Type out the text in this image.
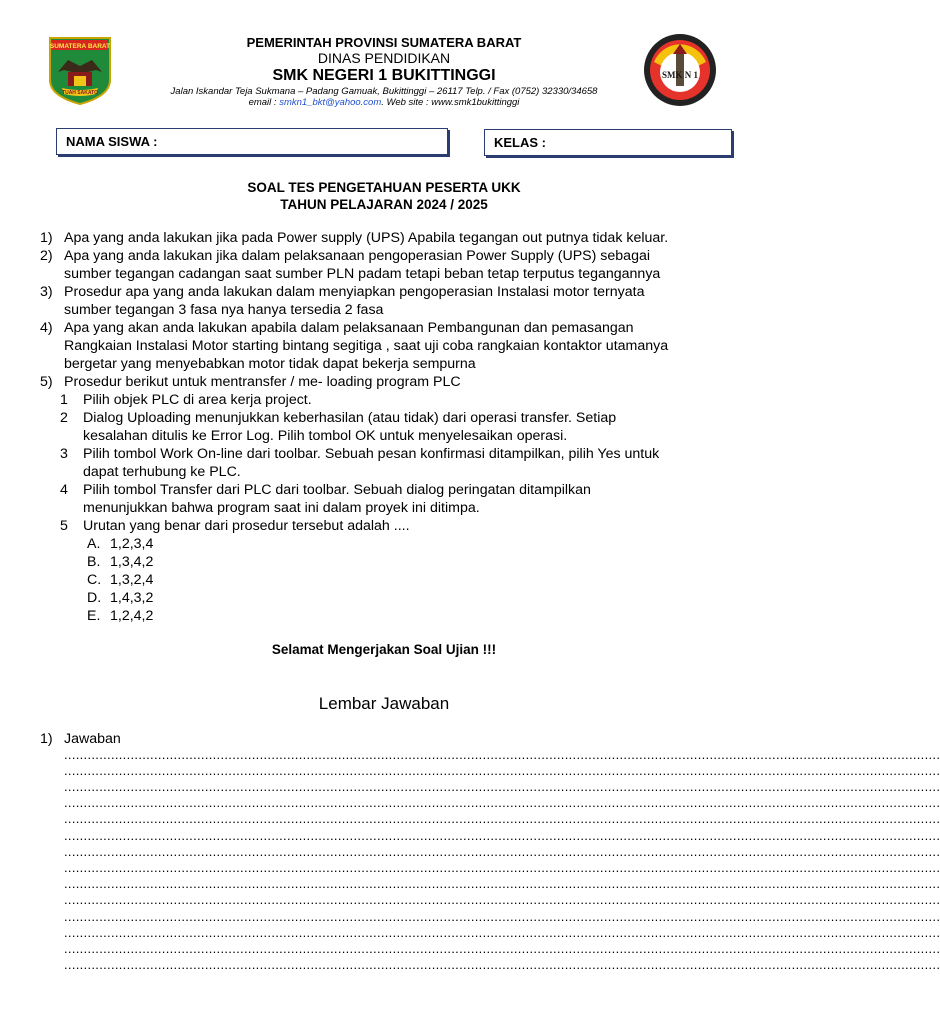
SUMATERA BARAT
TUAH SAKATO
PEMERINTAH PROVINSI SUMATERA BARAT
DINAS PENDIDIKAN
SMK NEGERI 1 BUKITTINGGI
Jalan Iskandar Teja Sukmana – Padang Gamuak, Bukittinggi – 26117 Telp. / Fax (0752) 32330/34658
email : smkn1_bkt@yahoo.com. Web site : www.smk1bukittinggi
SMK N 1
NAMA SISWA :	KELAS :
SOAL TES PENGETAHUAN PESERTA UKK
TAHUN PELAJARAN 2024 / 2025
1) Apa yang anda lakukan jika pada Power supply (UPS) Apabila tegangan out putnya tidak keluar.
2) Apa yang anda lakukan jika dalam pelaksanaan pengoperasian Power Supply (UPS) sebagai
sumber tegangan cadangan saat sumber PLN padam tetapi beban tetap terputus tegangannya
3) Prosedur apa yang anda lakukan dalam menyiapkan pengoperasian Instalasi motor ternyata
sumber tegangan 3 fasa nya hanya tersedia 2 fasa
4) Apa yang akan anda lakukan apabila dalam pelaksanaan Pembangunan dan pemasangan
Rangkaian Instalasi Motor starting bintang segitiga , saat uji coba rangkaian kontaktor utamanya
bergetar yang menyebabkan motor tidak dapat bekerja sempurna
5) Prosedur berikut untuk mentransfer / me- loading program PLC
1 Pilih objek PLC di area kerja project.
2 Dialog Uploading menunjukkan keberhasilan (atau tidak) dari operasi transfer. Setiap
kesalahan ditulis ke Error Log. Pilih tombol OK untuk menyelesaikan operasi.
3 Pilih tombol Work On-line dari toolbar. Sebuah pesan konfirmasi ditampilkan, pilih Yes untuk
dapat terhubung ke PLC.
4 Pilih tombol Transfer dari PLC dari toolbar. Sebuah dialog peringatan ditampilkan
menunjukkan bahwa program saat ini dalam proyek ini ditimpa.
5 Urutan yang benar dari prosedur tersebut adalah ....
A. 1,2,3,4
B. 1,3,4,2
C. 1,3,2,4
D. 1,4,3,2
E. 1,2,4,2
Selamat Mengerjakan Soal Ujian !!!
Lembar Jawaban
1) Jawaban
................................................................................................................................................................................................................................
................................................................................................................................................................................................................................
................................................................................................................................................................................................................................
................................................................................................................................................................................................................................
................................................................................................................................................................................................................................
................................................................................................................................................................................................................................
................................................................................................................................................................................................................................
................................................................................................................................................................................................................................
................................................................................................................................................................................................................................
................................................................................................................................................................................................................................
................................................................................................................................................................................................................................
................................................................................................................................................................................................................................
................................................................................................................................................................................................................................
................................................................................................................................................................................................................................
